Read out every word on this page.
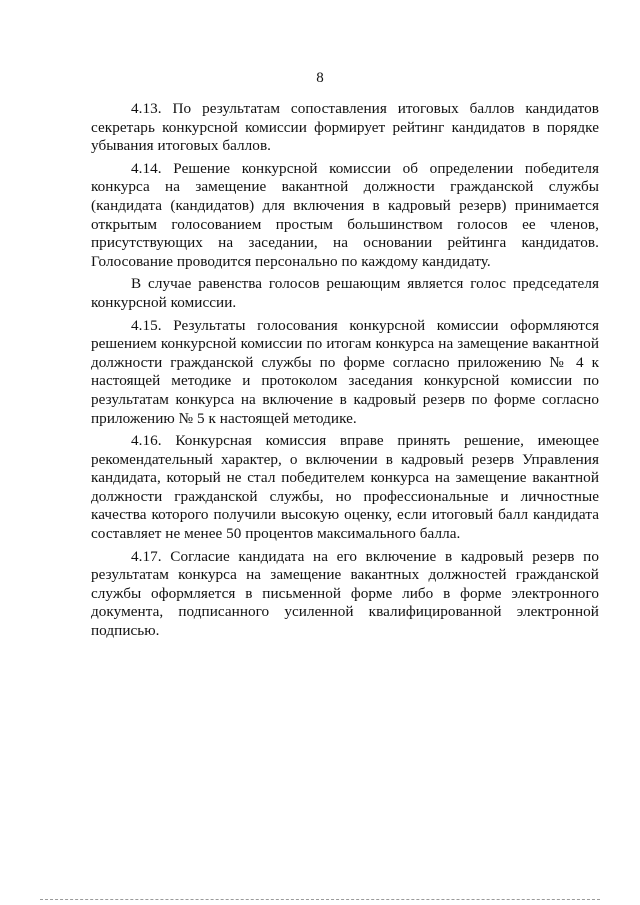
8

4.13. По результатам сопоставления итоговых баллов кандидатов секретарь конкурсной комиссии формирует рейтинг кандидатов в порядке убывания итоговых баллов.

4.14. Решение конкурсной комиссии об определении победителя конкурса на замещение вакантной должности гражданской службы (кандидата (кандидатов) для включения в кадровый резерв) принимается открытым голосованием простым большинством голосов ее членов, присутствующих на заседании, на основании рейтинга кандидатов. Голосование проводится персонально по каждому кандидату.

В случае равенства голосов решающим является голос председателя конкурсной комиссии.

4.15. Результаты голосования конкурсной комиссии оформляются решением конкурсной комиссии по итогам конкурса на замещение вакантной должности гражданской службы по форме согласно приложению № 4 к настоящей методике и протоколом заседания конкурсной комиссии по результатам конкурса на включение в кадровый резерв по форме согласно приложению № 5 к настоящей методике.

4.16. Конкурсная комиссия вправе принять решение, имеющее рекомендательный характер, о включении в кадровый резерв Управления кандидата, который не стал победителем конкурса на замещение вакантной должности гражданской службы, но профессиональные и личностные качества которого получили высокую оценку, если итоговый балл кандидата составляет не менее 50 процентов максимального балла.

4.17. Согласие кандидата на его включение в кадровый резерв по результатам конкурса на замещение вакантных должностей гражданской службы оформляется в письменной форме либо в форме электронного документа, подписанного усиленной квалифицированной электронной подписью.
